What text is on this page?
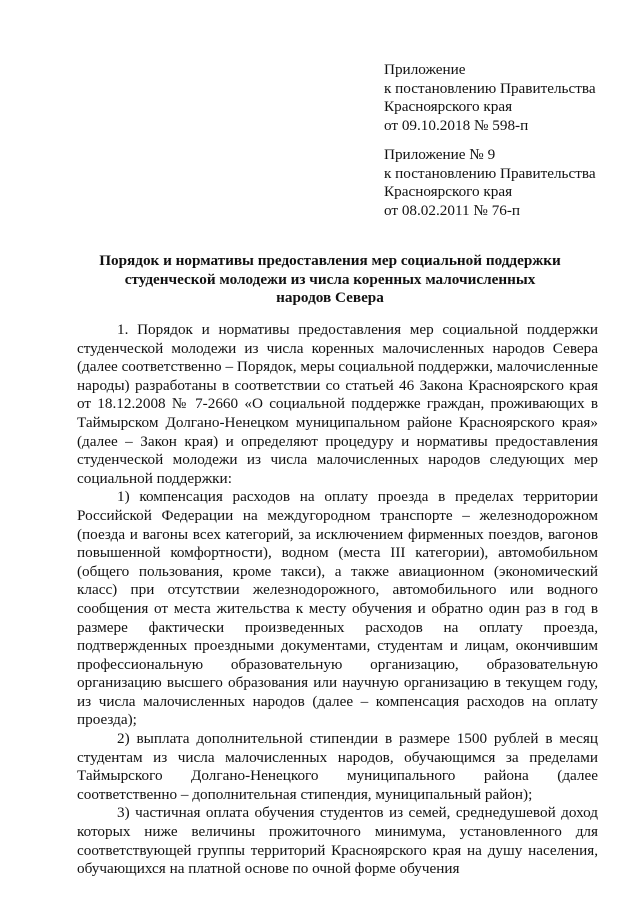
Приложение
к постановлению Правительства
Красноярского края
от 09.10.2018 № 598-п
Приложение № 9
к постановлению Правительства
Красноярского края
от 08.02.2011 № 76-п
Порядок и нормативы предоставления мер социальной поддержки
студенческой молодежи из числа коренных малочисленных
народов Севера

1. Порядок и нормативы предоставления мер социальной поддержки студенческой молодежи из числа коренных малочисленных народов Севера (далее соответственно – Порядок, меры социальной поддержки, малочисленные народы) разработаны в соответствии со статьей 46 Закона Красноярского края от 18.12.2008 № 7-2660 «О социальной поддержке граждан, проживающих в Таймырском Долгано-Ненецком муниципальном районе Красноярского края» (далее – Закон края) и определяют процедуру и нормативы предоставления студенческой молодежи из числа малочисленных народов следующих мер социальной поддержки:

1) компенсация расходов на оплату проезда в пределах территории Российской Федерации на междугородном транспорте – железнодорожном (поезда и вагоны всех категорий, за исключением фирменных поездов, вагонов повышенной комфортности), водном (места III категории), автомобильном (общего пользования, кроме такси), а также авиационном (экономический класс) при отсутствии железнодорожного, автомобильного или водного сообщения от места жительства к месту обучения и обратно один раз в год в размере фактически произведенных расходов на оплату проезда, подтвержденных проездными документами, студентам и лицам, окончившим профессиональную образовательную организацию, образовательную организацию высшего образования или научную организацию в текущем году, из числа малочисленных народов (далее – компенсация расходов на оплату проезда);

2) выплата дополнительной стипендии в размере 1500 рублей в месяц студентам из числа малочисленных народов, обучающимся за пределами Таймырского Долгано-Ненецкого муниципального района (далее соответственно – дополнительная стипендия, муниципальный район);

3) частичная оплата обучения студентов из семей, среднедушевой доход которых ниже величины прожиточного минимума, установленного для соответствующей группы территорий Красноярского края на душу населения, обучающихся на платной основе по очной форме обучения
